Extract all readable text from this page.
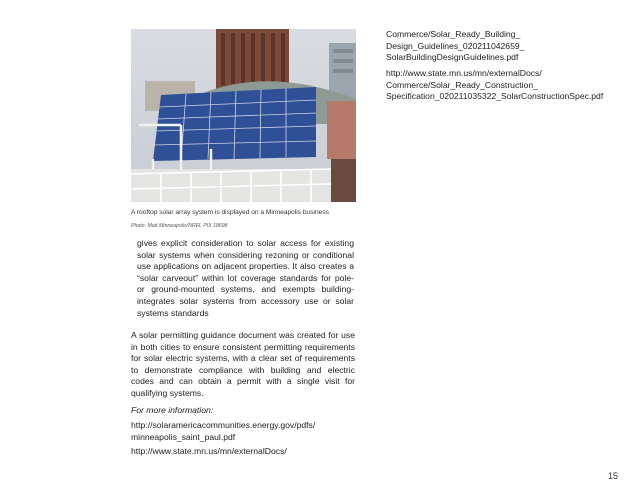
A rooftop solar array system is displayed on a Minneapolis business
Photo: Matt Minneapolis/NREL PIX 18698
gives explicit consideration to solar access for existing solar systems when considering rezoning or conditional use applications on adjacent properties. It also creates a “solar carveout” within lot coverage standards for pole- or ground-mounted systems, and exempts building-integrates solar systems from accessory use or solar systems standards
A solar permitting guidance document was created for use in both cities to ensure consistent permitting requirements for solar electric systems, with a clear set of requirements to demonstrate compliance with building and electric codes and can obtain a permit with a single visit for qualifying systems.
For more information:
http://solaramericacommunities.energy.gov/pdfs/
minneapolis_saint_paul.pdf
http://www.state.mn.us/mn/externalDocs/
Commerce/Solar_Ready_Building_
Design_Guidelines_020211042659_
SolarBuildingDesignGuidelines.pdf
http://www.state.mn.us/mn/externalDocs/
Commerce/Solar_Ready_Construction_
Specification_020211035322_SolarConstructionSpec.pdf
15
